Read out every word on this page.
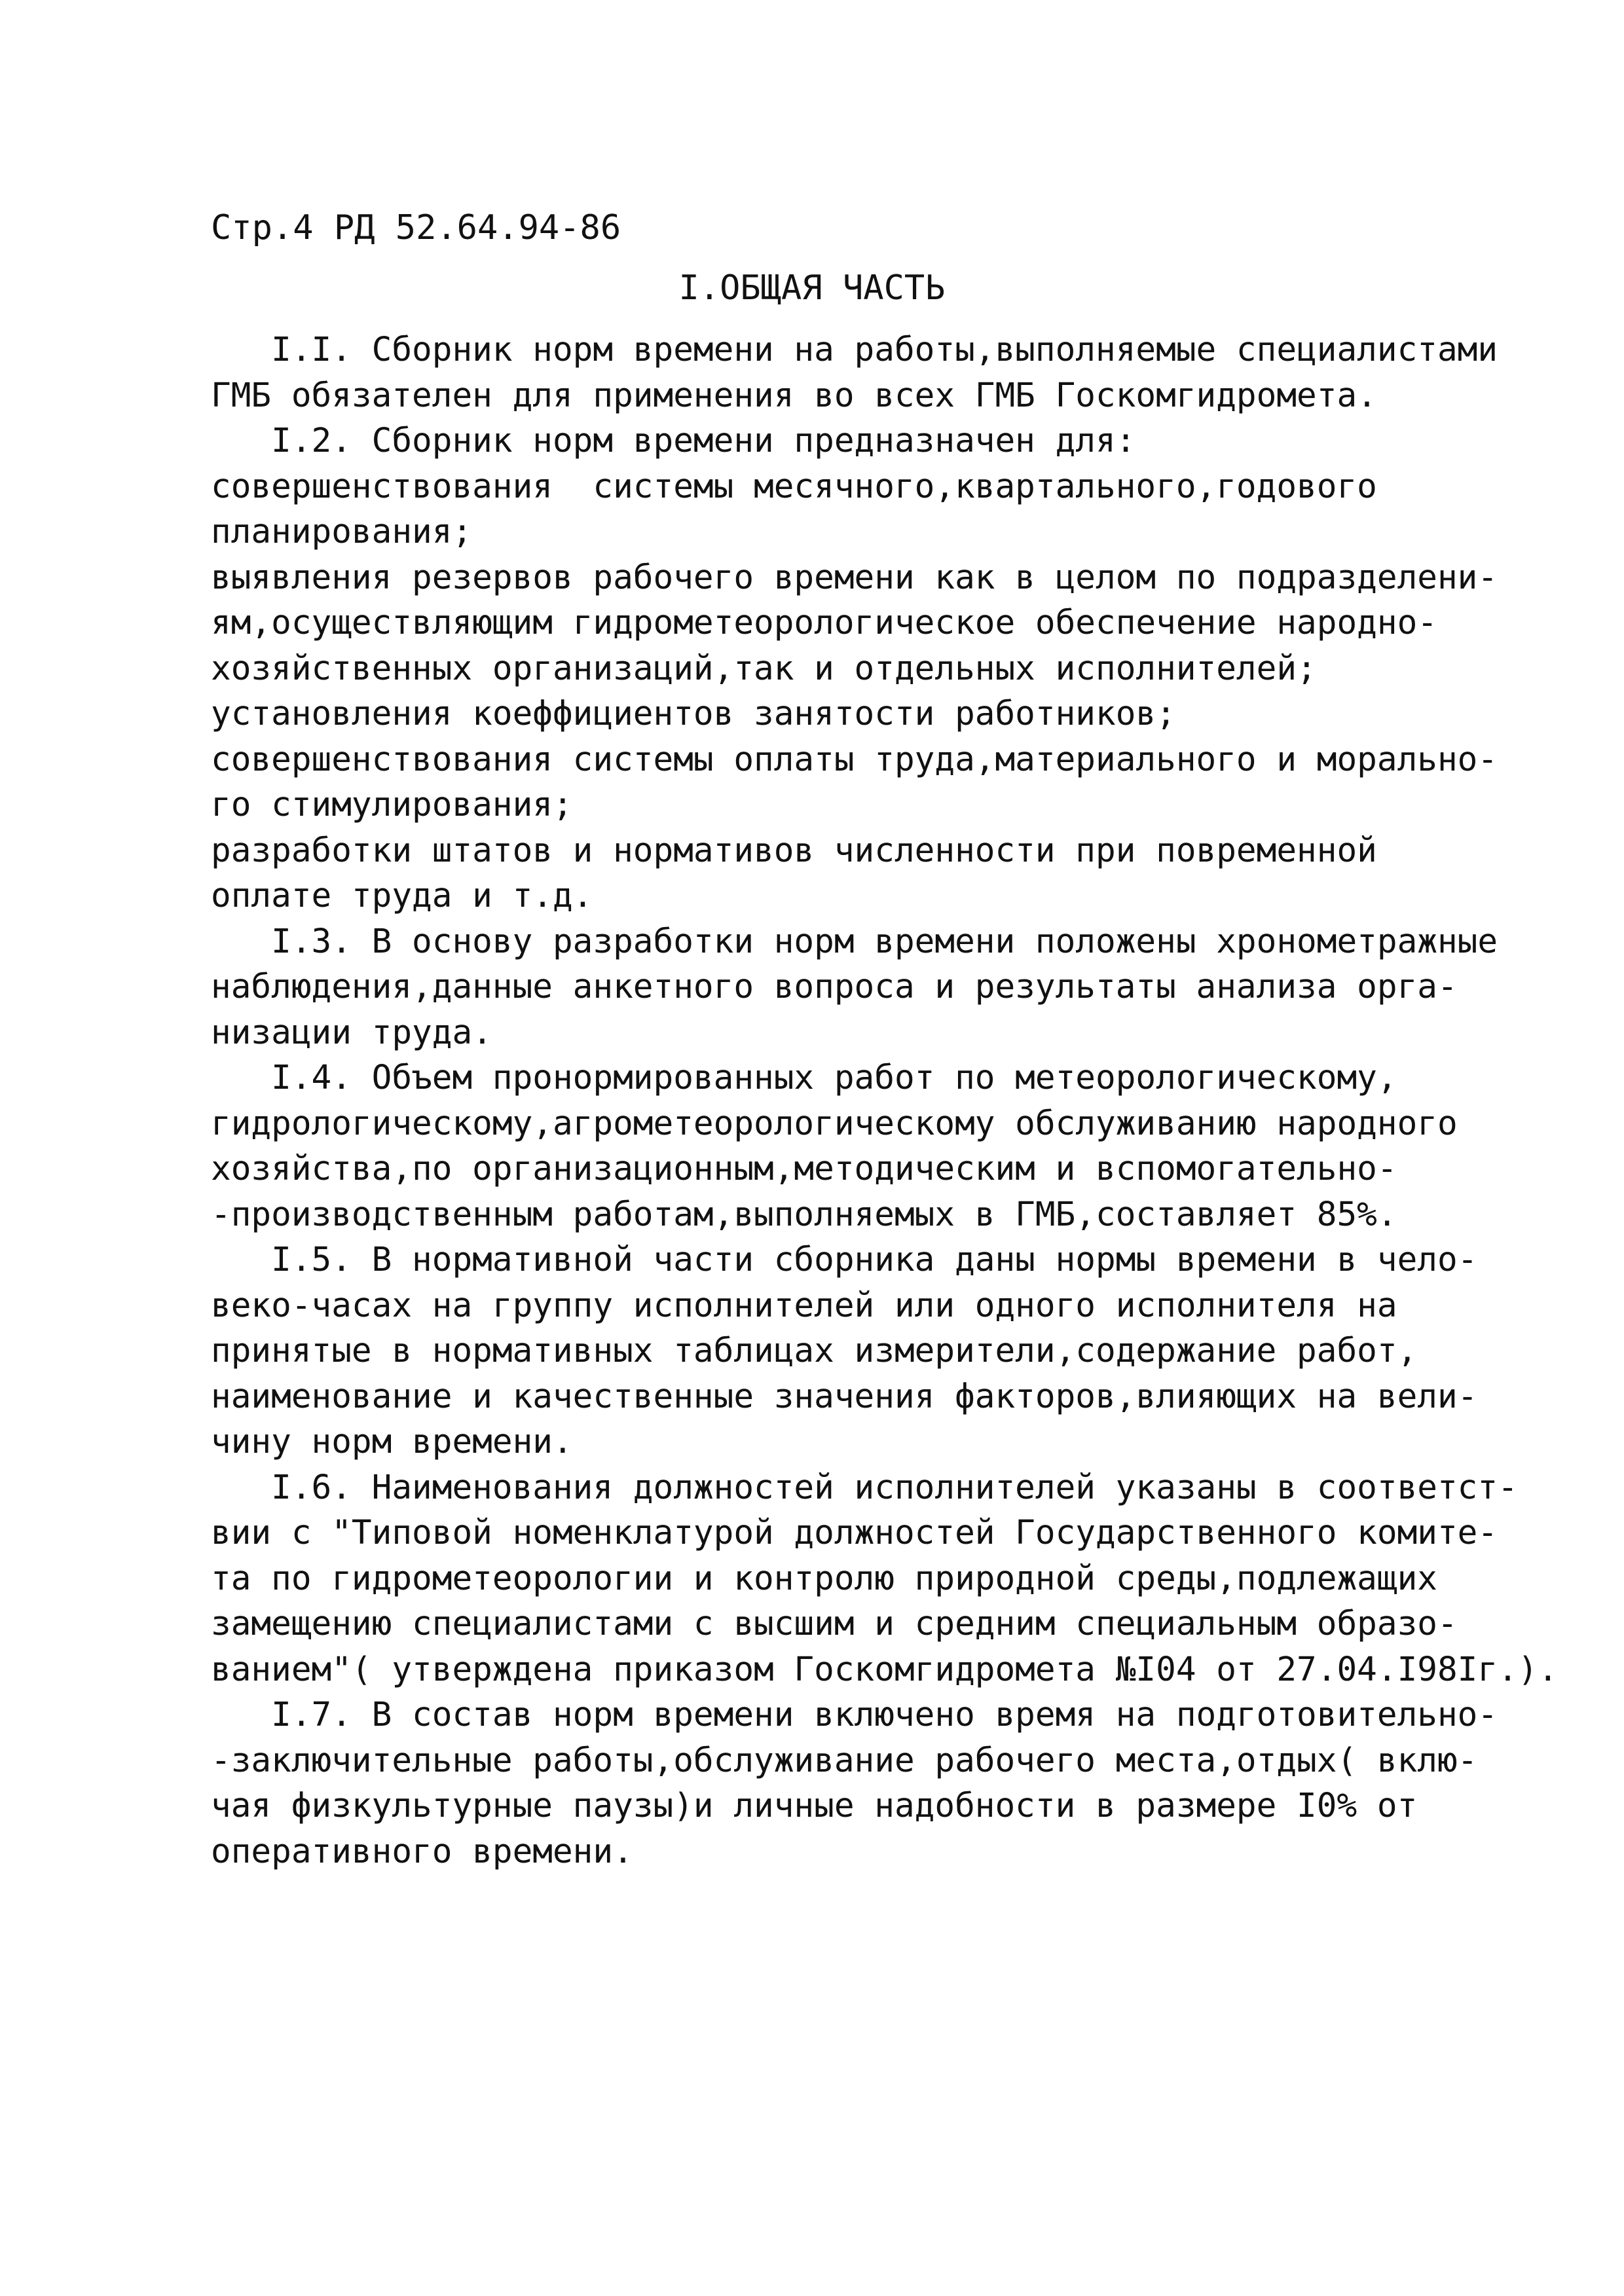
Стр.4 РД 52.64.94-86
I.ОБЩАЯ ЧАСТЬ
I.I. Сборник норм времени на работы,выполняемые специалистами
ГМБ обязателен для применения во всех ГМБ Госкомгидромета.
I.2. Сборник норм времени предназначен для:
совершенствования  системы месячного,квартального,годового
планирования;
выявления резервов рабочего времени как в целом по подразделени-
ям,осуществляющим гидрометеорологическое обеспечение народно-
хозяйственных организаций,так и отдельных исполнителей;
установления коеффициентов занятости работников;
совершенствования системы оплаты труда,материального и морально-
го стимулирования;
разработки штатов и нормативов численности при повременной
оплате труда и т.д.
I.3. В основу разработки норм времени положены хронометражные
наблюдения,данные анкетного вопроса и результаты анализа орга-
низации труда.
I.4. Объем пронормированных работ по метеорологическому,
гидрологическому,агрометеорологическому обслуживанию народного
хозяйства,по организационным,методическим и вспомогательно-
-производственным работам,выполняемых в ГМБ,составляет 85%.
I.5. В нормативной части сборника даны нормы времени в чело-
веко-часах на группу исполнителей или одного исполнителя на
принятые в нормативных таблицах измерители,содержание работ,
наименование и качественные значения факторов,влияющих на вели-
чину норм времени.
I.6. Наименования должностей исполнителей указаны в соответст-
вии с "Типовой номенклатурой должностей Государственного комите-
та по гидрометеорологии и контролю природной среды,подлежащих
замещению специалистами с высшим и средним специальным образо-
ванием"( утверждена приказом Госкомгидромета №I04 от 27.04.I98Iг.).
I.7. В состав норм времени включено время на подготовительно-
-заключительные работы,обслуживание рабочего места,отдых( вклю-
чая физкультурные паузы)и личные надобности в размере I0% от
оперативного времени.
